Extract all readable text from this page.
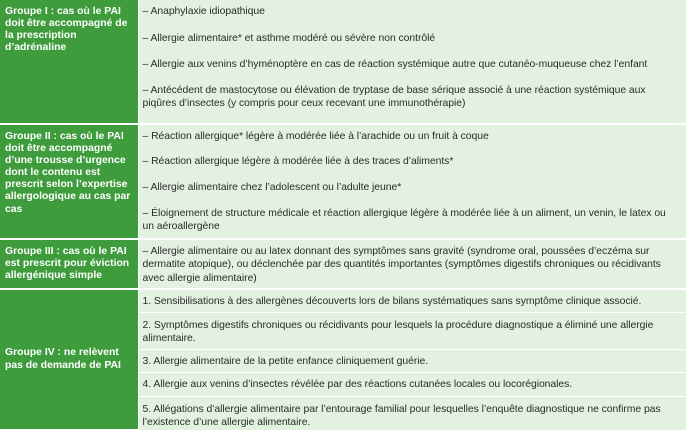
Groupe I : cas où le PAI doit être accompagné de la prescription d’adrénaline	– Anaphylaxie idiopathique

	– Allergie alimentaire* et asthme modéré ou sévère non contrôlé

	– Allergie aux venins d’hyménoptère en cas de réaction systémique autre que cutanéo-muqueuse chez l’enfant

	– Antécédent de mastocytose ou élévation de tryptase de base sérique associé à une réaction systémique aux piqûres d’insectes (y compris pour ceux recevant une immunothérapie)

Groupe II : cas où le PAI doit être accompagné d’une trousse d’urgence dont le contenu est prescrit selon l’expertise allergologique au cas par cas	– Réaction allergique* légère à modérée liée à l’arachide ou un fruit à coque

	– Réaction allergique légère à modérée liée à des traces d’aliments*

	– Allergie alimentaire chez l’adolescent ou l’adulte jeune*

	– Éloignement de structure médicale et réaction allergique légère à modérée liée à un aliment, un venin, le latex ou un aéroallergène

Groupe III : cas où le PAI est prescrit pour éviction allergénique simple	– Allergie alimentaire ou au latex donnant des symptômes sans gravité (syndrome oral, poussées d’eczéma sur dermatite atopique), ou déclenchée par des quantités importantes (symptômes digestifs chroniques ou récidivants avec allergie alimentaire)

Groupe IV : ne relèvent pas de demande de PAI	1. Sensibilisations à des allergènes découverts lors de bilans systématiques sans symptôme clinique associé.

	2. Symptômes digestifs chroniques ou récidivants pour lesquels la procédure diagnostique a éliminé une allergie alimentaire.

	3. Allergie alimentaire de la petite enfance cliniquement guérie.

	4. Allergie aux venins d’insectes révélée par des réactions cutanées locales ou locorégionales.

	5. Allégations d’allergie alimentaire par l’entourage familial pour lesquelles l’enquête diagnostique ne confirme pas l’existence d’une allergie alimentaire.
